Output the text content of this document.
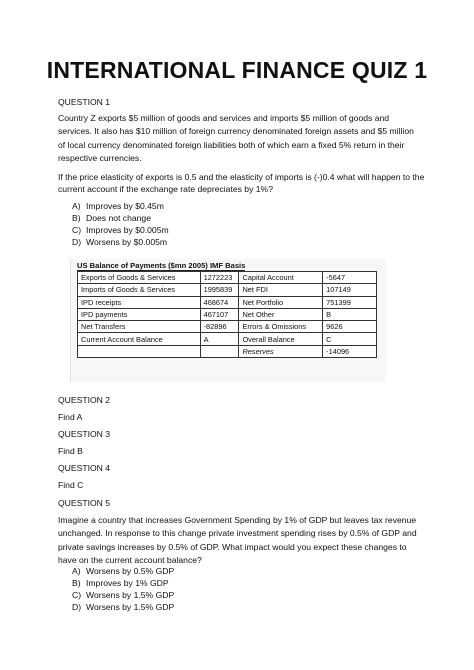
INTERNATIONAL FINANCE QUIZ 1
QUESTION 1
Country Z exports $5 million of goods and services and imports $5 million of goods and services. It also has $10 million of foreign currency denominated foreign assets and $5 million of local currency denominated foreign liabilities both of which earn a fixed 5% return in their respective currencies.
If the price elasticity of exports is 0.5 and the elasticity of imports is (-)0.4 what will happen to the
current account if the exchange rate depreciates by 1%?
A) Improves by $0.45m
B) Does not change
C) Improves by $0.005m
D) Worsens by $0.005m
US Balance of Payments ($mn 2005) IMF Basis
Exports of Goods & Services	1272223	Capital Account	-5647
Imports of Goods & Services	1995839	Net FDI	107149
IPD receipts	468674	Net Portfolio	751399
IPD payments	467107	Net Other	B
Net Transfers	-82896	Errors & Omissions	9626
Current Account Balance	A	Overall Balance	C
		Reserves	-14096
QUESTION 2
Find A
QUESTION 3
Find B
QUESTION 4
Find C
QUESTION 5
Imagine a country that increases Government Spending by 1% of GDP but leaves tax revenue unchanged. In response to this change private investment spending rises by 0.5% of GDP and private savings increases by 0.5% of GDP. What impact would you expect these changes to have on the current account balance?
A) Worsens by 0.5% GDP
B) Improves by 1% GDP
C) Worsens by 1.5% GDP
D) Worsens by 1.5% GDP
